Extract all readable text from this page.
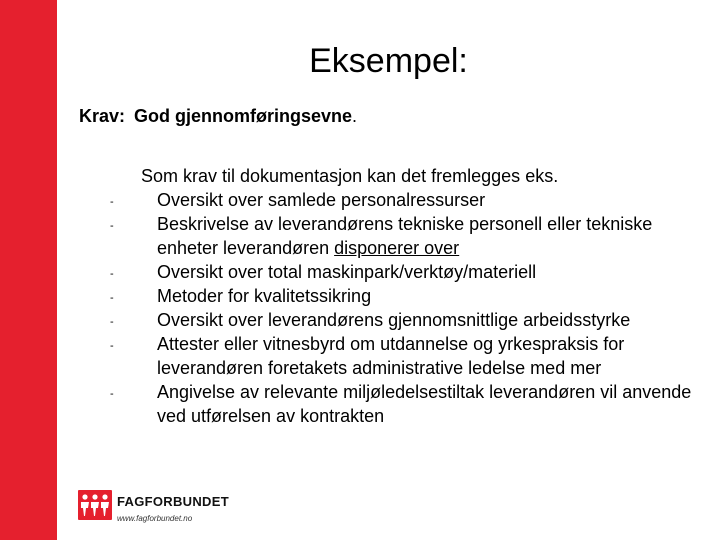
Eksempel:
Krav: God gjennomføringsevne.
Som krav til dokumentasjon kan det fremlegges eks.
- Oversikt over samlede personalressurser
- Beskrivelse av leverandørens tekniske personell eller tekniske enheter leverandøren disponerer over
- Oversikt over total maskinpark/verktøy/materiell
- Metoder for kvalitetssikring
- Oversikt over leverandørens gjennomsnittlige arbeidsstyrke
- Attester eller vitnesbyrd om utdannelse og yrkespraksis for leverandøren foretakets administrative ledelse med mer
- Angivelse av relevante miljøledelsestiltak leverandøren vil anvende ved utførelsen av kontrakten
FAGFORBUNDET
www.fagforbundet.no
